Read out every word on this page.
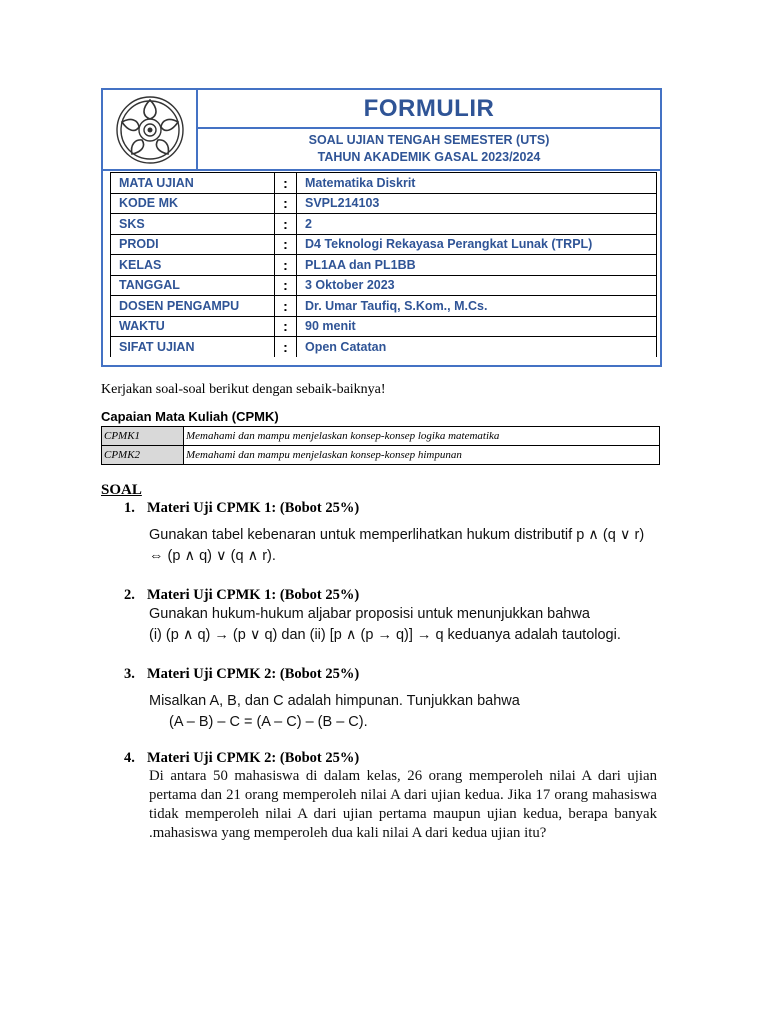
FORMULIR
SOAL UJIAN TENGAH SEMESTER (UTS)
TAHUN AKADEMIK GASAL 2023/2024
MATA UJIAN	:	Matematika Diskrit
KODE MK	:	SVPL214103
SKS	:	2
PRODI	:	D4 Teknologi Rekayasa Perangkat Lunak (TRPL)
KELAS	:	PL1AA dan PL1BB
TANGGAL	:	3 Oktober 2023
DOSEN PENGAMPU	:	Dr. Umar Taufiq, S.Kom., M.Cs.
WAKTU	:	90 menit
SIFAT UJIAN	:	Open Catatan
Kerjakan soal-soal berikut dengan sebaik-baiknya!
Capaian Mata Kuliah (CPMK)
CPMK1	Memahami dan mampu menjelaskan konsep-konsep logika matematika
CPMK2	Memahami dan mampu menjelaskan konsep-konsep himpunan
SOAL
1. Materi Uji CPMK 1: (Bobot 25%)

Gunakan tabel kebenaran untuk memperlihatkan hukum distributif p ∧ (q ∨ r)

⇔ (p ∧ q) ∨ (q ∧ r).

2. Materi Uji CPMK 1: (Bobot 25%)

Gunakan hukum-hukum aljabar proposisi untuk menunjukkan bahwa

(i) (p ∧ q) → (p ∨ q) dan (ii) [p ∧ (p → q)] → q keduanya adalah tautologi.

3. Materi Uji CPMK 2: (Bobot 25%)

Misalkan A, B, dan C adalah himpunan. Tunjukkan bahwa

(A – B) – C = (A – C) – (B – C).

4. Materi Uji CPMK 2: (Bobot 25%)

Di antara 50 mahasiswa di dalam kelas, 26 orang memperoleh nilai A dari ujian pertama dan 21 orang memperoleh nilai A dari ujian kedua. Jika 17 orang mahasiswa tidak memperoleh nilai A dari ujian pertama maupun ujian kedua, berapa banyak .mahasiswa yang memperoleh dua kali nilai A dari kedua ujian itu?
